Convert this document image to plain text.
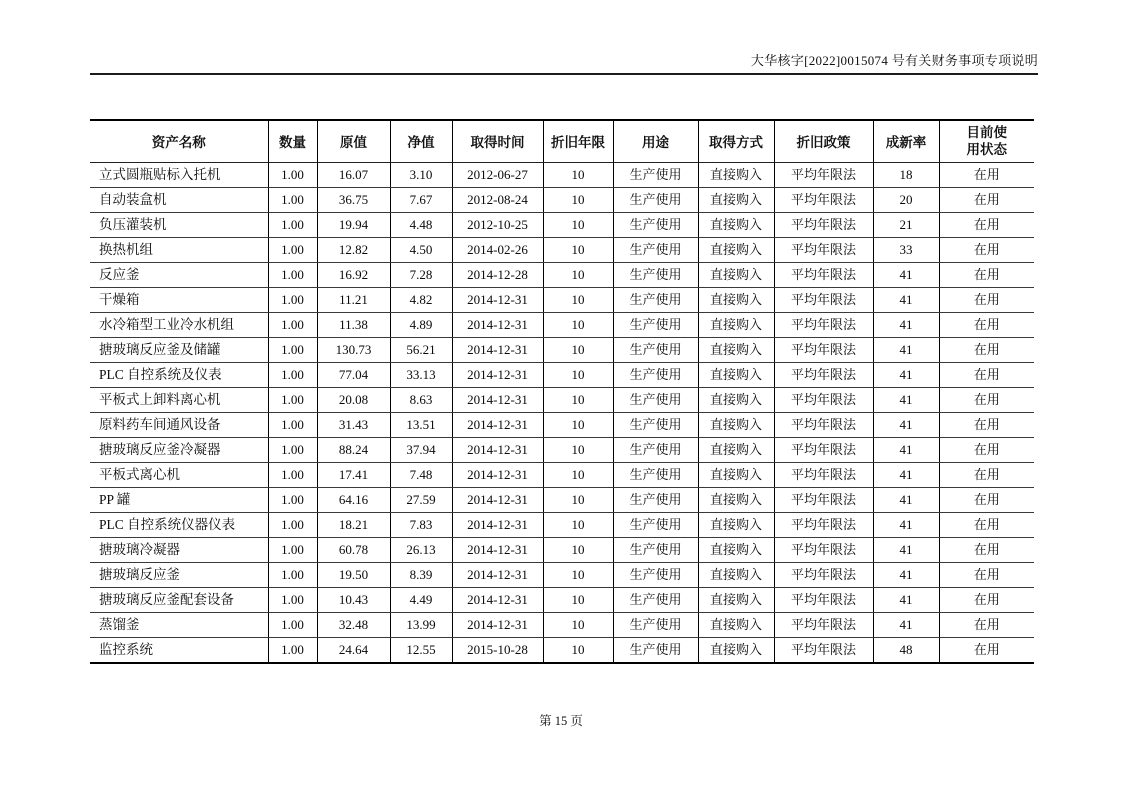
大华核字[2022]0015074 号有关财务事项专项说明
资产名称	数量	原值	净值	取得时间	折旧年限	用途	取得方式	折旧政策	成新率	目前使用状态
立式圆瓶贴标入托机	1.00	16.07	3.10	2012-06-27	10	生产使用	直接购入	平均年限法	18	在用
自动装盒机	1.00	36.75	7.67	2012-08-24	10	生产使用	直接购入	平均年限法	20	在用
负压灌装机	1.00	19.94	4.48	2012-10-25	10	生产使用	直接购入	平均年限法	21	在用
换热机组	1.00	12.82	4.50	2014-02-26	10	生产使用	直接购入	平均年限法	33	在用
反应釜	1.00	16.92	7.28	2014-12-28	10	生产使用	直接购入	平均年限法	41	在用
干燥箱	1.00	11.21	4.82	2014-12-31	10	生产使用	直接购入	平均年限法	41	在用
水冷箱型工业冷水机组	1.00	11.38	4.89	2014-12-31	10	生产使用	直接购入	平均年限法	41	在用
搪玻璃反应釜及储罐	1.00	130.73	56.21	2014-12-31	10	生产使用	直接购入	平均年限法	41	在用
PLC 自控系统及仪表	1.00	77.04	33.13	2014-12-31	10	生产使用	直接购入	平均年限法	41	在用
平板式上卸料离心机	1.00	20.08	8.63	2014-12-31	10	生产使用	直接购入	平均年限法	41	在用
原料药车间通风设备	1.00	31.43	13.51	2014-12-31	10	生产使用	直接购入	平均年限法	41	在用
搪玻璃反应釜冷凝器	1.00	88.24	37.94	2014-12-31	10	生产使用	直接购入	平均年限法	41	在用
平板式离心机	1.00	17.41	7.48	2014-12-31	10	生产使用	直接购入	平均年限法	41	在用
PP 罐	1.00	64.16	27.59	2014-12-31	10	生产使用	直接购入	平均年限法	41	在用
PLC 自控系统仪器仪表	1.00	18.21	7.83	2014-12-31	10	生产使用	直接购入	平均年限法	41	在用
搪玻璃冷凝器	1.00	60.78	26.13	2014-12-31	10	生产使用	直接购入	平均年限法	41	在用
搪玻璃反应釜	1.00	19.50	8.39	2014-12-31	10	生产使用	直接购入	平均年限法	41	在用
搪玻璃反应釜配套设备	1.00	10.43	4.49	2014-12-31	10	生产使用	直接购入	平均年限法	41	在用
蒸馏釜	1.00	32.48	13.99	2014-12-31	10	生产使用	直接购入	平均年限法	41	在用
监控系统	1.00	24.64	12.55	2015-10-28	10	生产使用	直接购入	平均年限法	48	在用
第 15 页
